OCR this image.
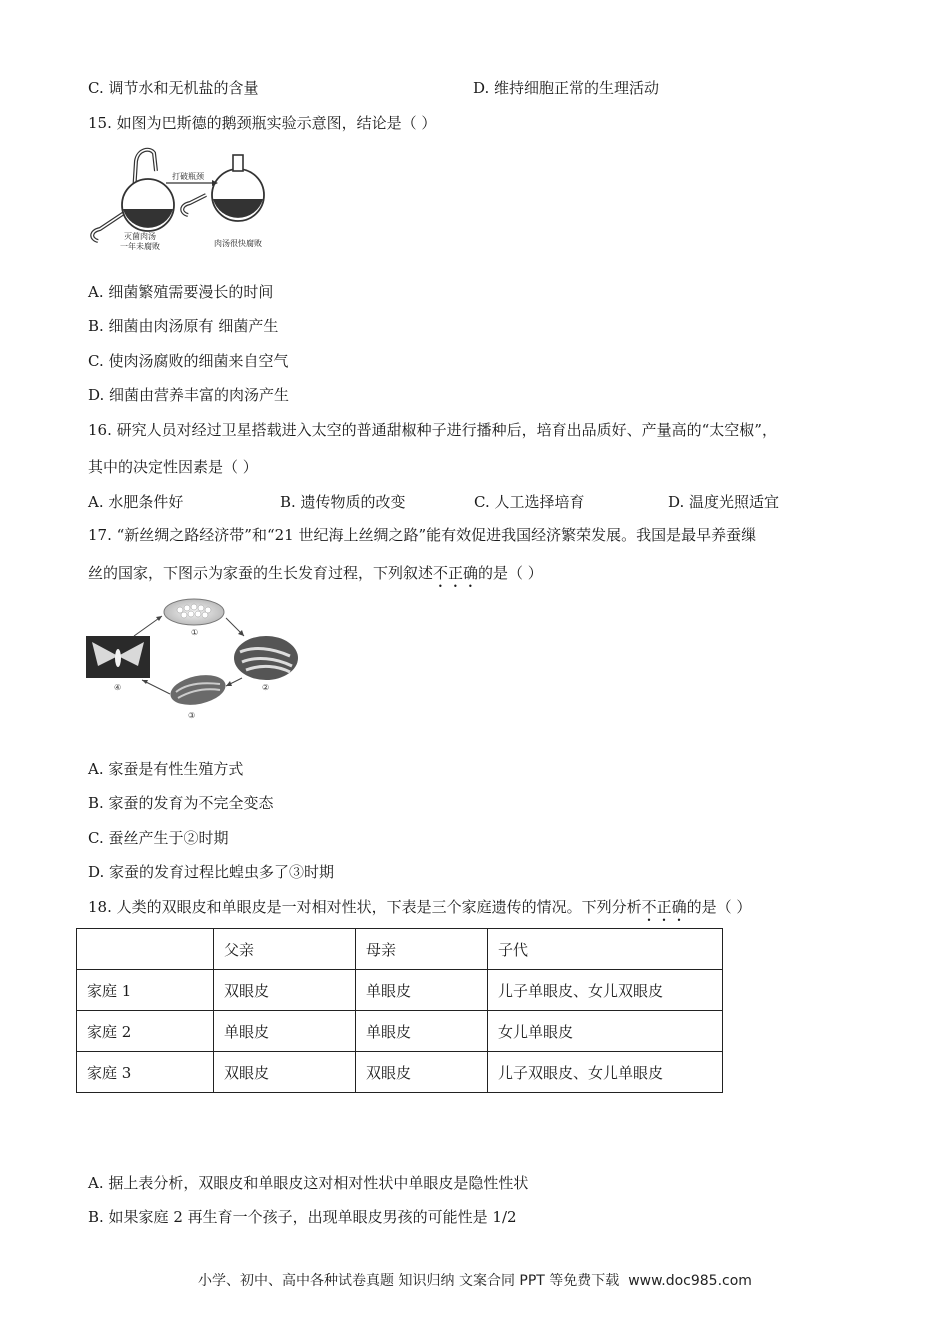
C. 调节水和无机盐的含量	D. 维持细胞正常的生理活动
15. 如图为巴斯德的鹅颈瓶实验示意图，结论是（ ）
打破瓶颈
灭菌肉汤
一年未腐败	肉汤很快腐败
A. 细菌繁殖需要漫长的时间
B. 细菌由肉汤原有 细菌产生
C. 使肉汤腐败的细菌来自空气
D. 细菌由营养丰富的肉汤产生
16. 研究人员对经过卫星搭载进入太空的普通甜椒种子进行播种后，培育出品质好、产量高的“太空椒”，
其中的决定性因素是（ ）
A. 水肥条件好	B. 遗传物质的改变	C. 人工选择培育	D. 温度光照适宜
17. “新丝绸之路经济带”和“21 世纪海上丝绸之路”能有效促进我国经济繁荣发展。我国是最早养蚕缫
丝的国家，下图示为家蚕的生长发育过程，下列叙述不正确的是（ ）
①
②
③
④
A. 家蚕是有性生殖方式
B. 家蚕的发育为不完全变态
C. 蚕丝产生于②时期
D. 家蚕的发育过程比蝗虫多了③时期
18. 人类的双眼皮和单眼皮是一对相对性状，下表是三个家庭遗传的情况。下列分析不正确的是（ ）
	父亲	母亲	子代
家庭 1	双眼皮	单眼皮	儿子单眼皮、女儿双眼皮
家庭 2	单眼皮	单眼皮	女儿单眼皮
家庭 3	双眼皮	双眼皮	儿子双眼皮、女儿单眼皮
A. 据上表分析，双眼皮和单眼皮这对相对性状中单眼皮是隐性性状
B. 如果家庭 2 再生育一个孩子，出现单眼皮男孩的可能性是 1/2
小学、初中、高中各种试卷真题 知识归纳 文案合同 PPT 等免费下载 www.doc985.com
